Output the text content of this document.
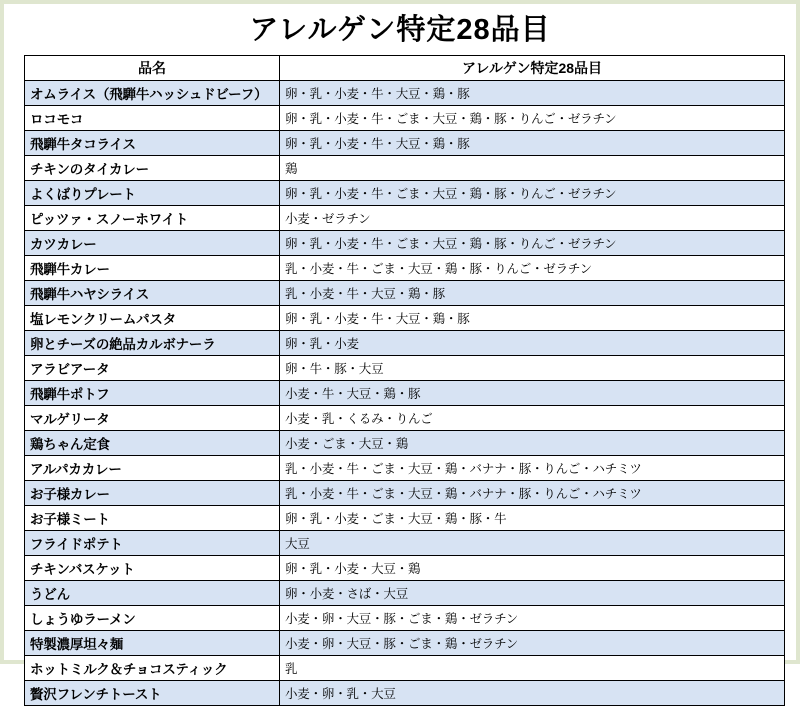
アレルゲン特定28品目
品名	アレルゲン特定28品目
オムライス（飛騨牛ハッシュドビーフ）	卵・乳・小麦・牛・大豆・鶏・豚
ロコモコ	卵・乳・小麦・牛・ごま・大豆・鶏・豚・りんご・ゼラチン
飛騨牛タコライス	卵・乳・小麦・牛・大豆・鶏・豚
チキンのタイカレー	鶏
よくばりプレート	卵・乳・小麦・牛・ごま・大豆・鶏・豚・りんご・ゼラチン
ピッツァ・スノーホワイト	小麦・ゼラチン
カツカレー	卵・乳・小麦・牛・ごま・大豆・鶏・豚・りんご・ゼラチン
飛騨牛カレー	乳・小麦・牛・ごま・大豆・鶏・豚・りんご・ゼラチン
飛騨牛ハヤシライス	乳・小麦・牛・大豆・鶏・豚
塩レモンクリームパスタ	卵・乳・小麦・牛・大豆・鶏・豚
卵とチーズの絶品カルボナーラ	卵・乳・小麦
アラビアータ	卵・牛・豚・大豆
飛騨牛ポトフ	小麦・牛・大豆・鶏・豚
マルゲリータ	小麦・乳・くるみ・りんご
鶏ちゃん定食	小麦・ごま・大豆・鶏
アルパカカレー	乳・小麦・牛・ごま・大豆・鶏・バナナ・豚・りんご・ハチミツ
お子様カレー	乳・小麦・牛・ごま・大豆・鶏・バナナ・豚・りんご・ハチミツ
お子様ミート	卵・乳・小麦・ごま・大豆・鶏・豚・牛
フライドポテト	大豆
チキンバスケット	卵・乳・小麦・大豆・鶏
うどん	卵・小麦・さば・大豆
しょうゆラーメン	小麦・卵・大豆・豚・ごま・鶏・ゼラチン
特製濃厚坦々麺	小麦・卵・大豆・豚・ごま・鶏・ゼラチン
ホットミルク＆チョコスティック	乳
贅沢フレンチトースト	小麦・卵・乳・大豆
